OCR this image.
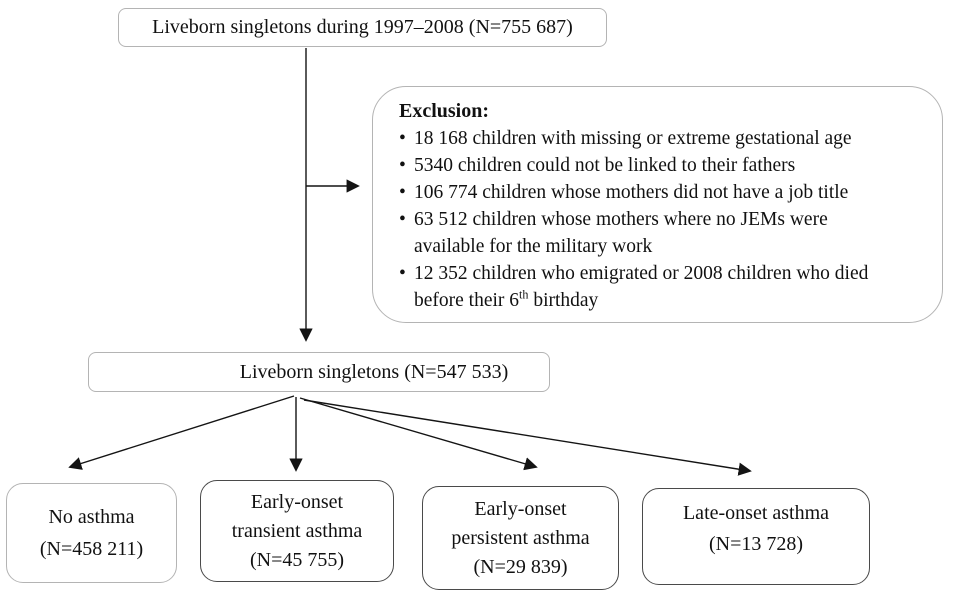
Liveborn singletons during 1997–2008 (N=755 687)
Exclusion:
• 18 168 children with missing or extreme gestational age
• 5340 children could not be linked to their fathers
• 106 774 children whose mothers did not have a job title
• 63 512 children whose mothers where no JEMs were
available for the military work
• 12 352 children who emigrated or 2008 children who died
before their 6th birthday
Liveborn singletons (N=547 533)
No asthma
(N=458 211)
Early-onset
transient asthma
(N=45 755)
Early-onset
persistent asthma
(N=29 839)
Late-onset asthma
(N=13 728)
